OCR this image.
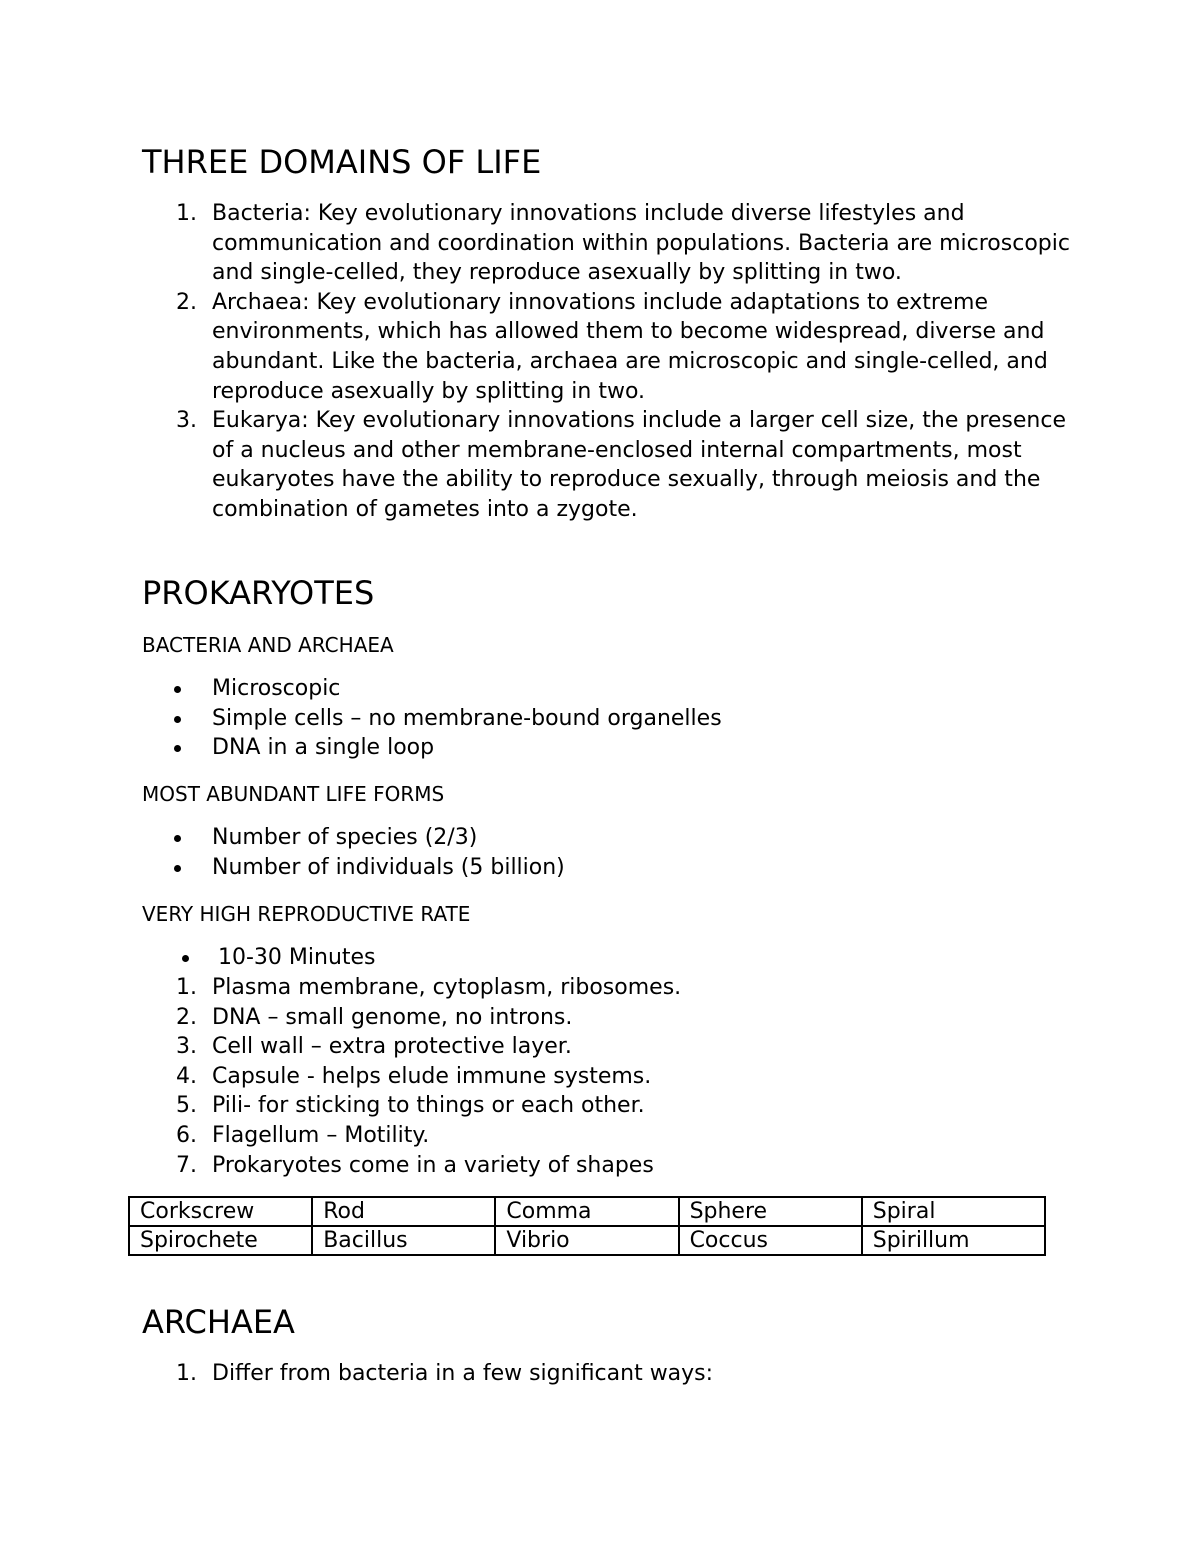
THREE DOMAINS OF LIFE
1. Bacteria: Key evolutionary innovations include diverse lifestyles and communication and coordination within populations. Bacteria are microscopic and single-celled, they reproduce asexually by splitting in two.
2. Archaea: Key evolutionary innovations include adaptations to extreme environments, which has allowed them to become widespread, diverse and abundant. Like the bacteria, archaea are microscopic and single-celled, and reproduce asexually by splitting in two.
3. Eukarya: Key evolutionary innovations include a larger cell size, the presence of a nucleus and other membrane-enclosed internal compartments, most eukaryotes have the ability to reproduce sexually, through meiosis and the combination of gametes into a zygote.
PROKARYOTES

BACTERIA AND ARCHAEA

Microscopic
Simple cells – no membrane-bound organelles
DNA in a single loop

MOST ABUNDANT LIFE FORMS

Number of species (2/3)
Number of individuals (5 billion)

VERY HIGH REPRODUCTIVE RATE

10-30 Minutes
1. Plasma membrane, cytoplasm, ribosomes.
2. DNA – small genome, no introns.
3. Cell wall – extra protective layer.
4. Capsule - helps elude immune systems.
5. Pili- for sticking to things or each other.
6. Flagellum – Motility.
7. Prokaryotes come in a variety of shapes
Corkscrew	Rod	Comma	Sphere	Spiral
Spirochete	Bacillus	Vibrio	Coccus	Spirillum
ARCHAEA
1. Differ from bacteria in a few significant ways:
